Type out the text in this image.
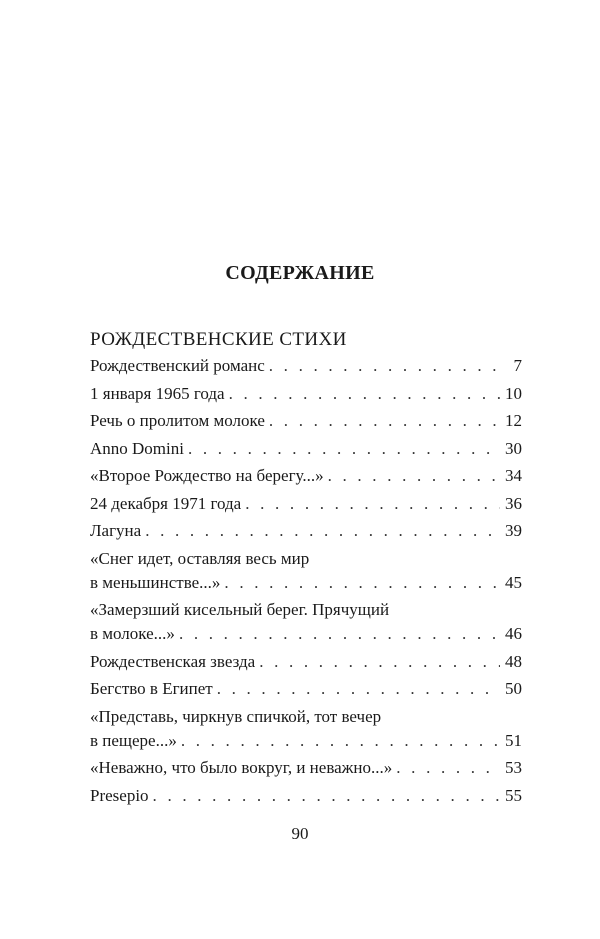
СОДЕРЖАНИЕ
РОЖДЕСТВЕНСКИЕ СТИХИ
Рождественский романс . . .	7
1 января 1965 года . . .	10
Речь о пролитом молоке . . .	12
Anno Domini . . .	30
«Второе Рождество на берегу...» . . .	34
24 декабря 1971 года . . .	36
Лагуна . . .	39
«Снег идет, оставляя весь мир
в меньшинстве...» . . .	45
«Замерзший кисельный берег. Прячущий
в молоке...» . . .	46
Рождественская звезда . . .	48
Бегство в Египет . . .	50
«Представь, чиркнув спичкой, тот вечер
в пещере...» . . .	51
«Неважно, что было вокруг, и неважно...» . . .	53
Presepio . . .	55
90
